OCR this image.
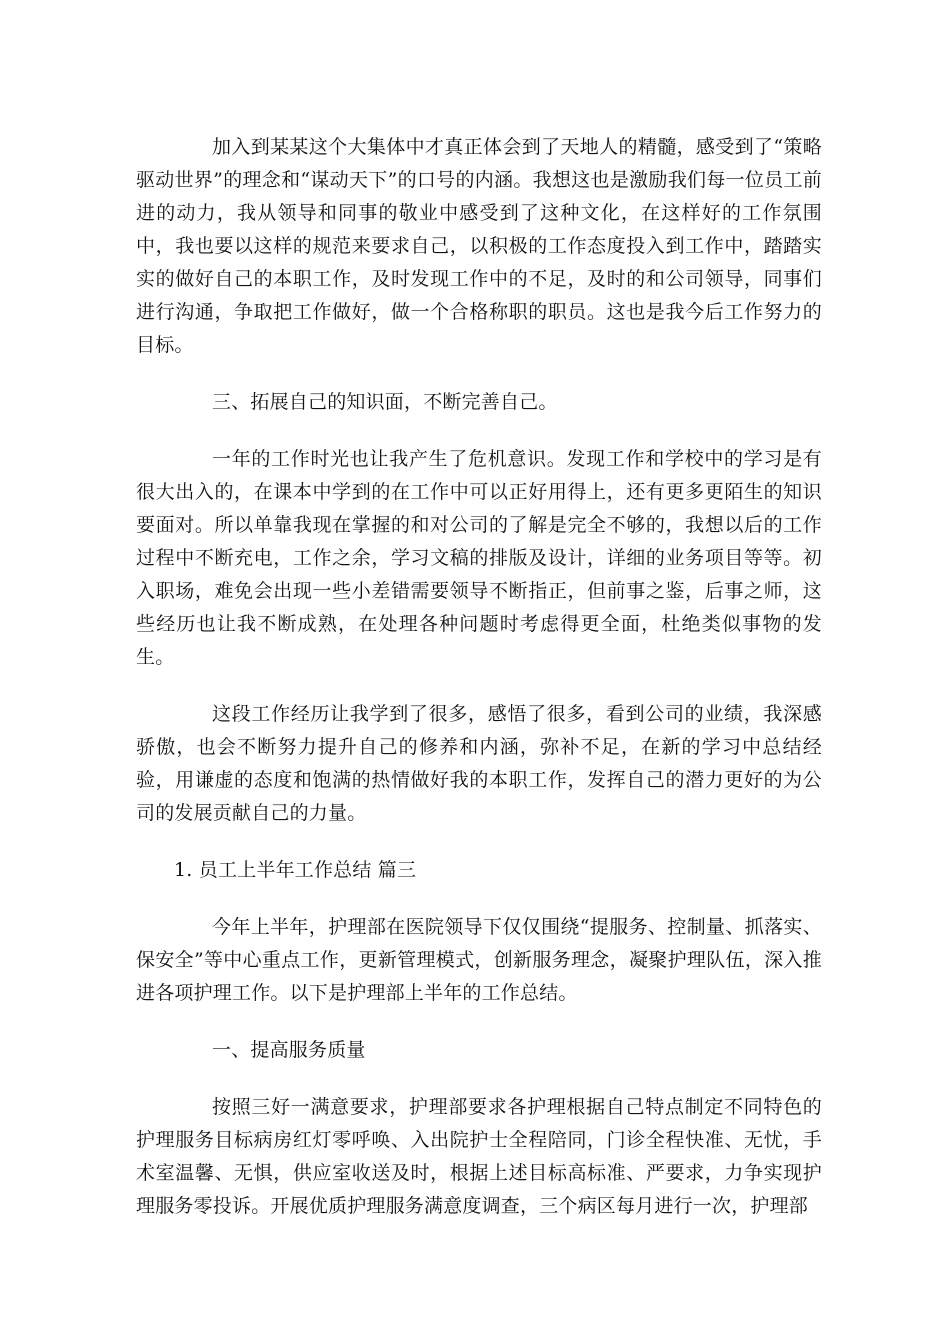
加入到某某这个大集体中才真正体会到了天地人的精髓，感受到了“策略驱动世界”的理念和“谋动天下”的口号的内涵。我想这也是激励我们每一位员工前进的动力，我从领导和同事的敬业中感受到了这种文化，在这样好的工作氛围中，我也要以这样的规范来要求自己，以积极的工作态度投入到工作中，踏踏实实的做好自己的本职工作，及时发现工作中的不足，及时的和公司领导，同事们进行沟通，争取把工作做好，做一个合格称职的职员。这也是我今后工作努力的目标。

三、拓展自己的知识面，不断完善自己。

一年的工作时光也让我产生了危机意识。发现工作和学校中的学习是有很大出入的，在课本中学到的在工作中可以正好用得上，还有更多更陌生的知识要面对。所以单靠我现在掌握的和对公司的了解是完全不够的，我想以后的工作过程中不断充电，工作之余，学习文稿的排版及设计，详细的业务项目等等。初入职场，难免会出现一些小差错需要领导不断指正，但前事之鉴，后事之师，这些经历也让我不断成熟，在处理各种问题时考虑得更全面，杜绝类似事物的发生。

这段工作经历让我学到了很多，感悟了很多，看到公司的业绩，我深感骄傲，也会不断努力提升自己的修养和内涵，弥补不足，在新的学习中总结经验，用谦虚的态度和饱满的热情做好我的本职工作，发挥自己的潜力更好的为公司的发展贡献自己的力量。

1. 员工上半年工作总结 篇三

今年上半年，护理部在医院领导下仅仅围绕“提服务、控制量、抓落实、保安全”等中心重点工作，更新管理模式，创新服务理念，凝聚护理队伍，深入推进各项护理工作。以下是护理部上半年的工作总结。

一、提高服务质量

按照三好一满意要求，护理部要求各护理根据自己特点制定不同特色的护理服务目标病房红灯零呼唤、入出院护士全程陪同，门诊全程快准、无忧，手术室温馨、无惧，供应室收送及时，根据上述目标高标准、严要求，力争实现护理服务零投诉。开展优质护理服务满意度调查，三个病区每月进行一次，护理部
